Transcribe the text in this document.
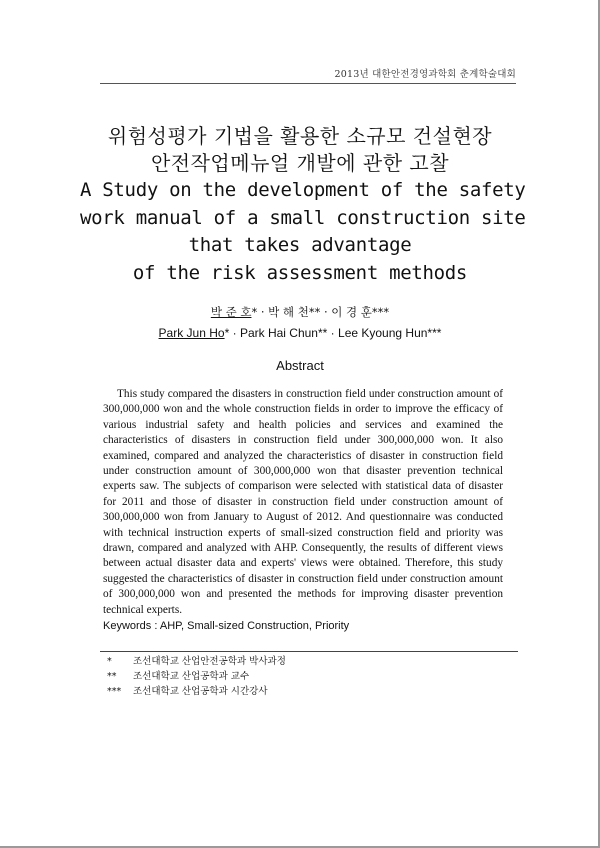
2013년 대한안전경영과학회 춘계학술대회
위험성평가 기법을 활용한 소규모 건설현장
안전작업메뉴얼 개발에 관한 고찰
A Study on the development of the safety
work manual of a small construction site
that takes advantage
of the risk assessment methods
박 준 호* · 박 해 천** · 이 경 훈***
Park Jun Ho* · Park Hai Chun** · Lee Kyoung Hun***
Abstract
This study compared the disasters in construction field under construction amount of 300,000,000 won and the whole construction fields in order to improve the efficacy of various industrial safety and health policies and services and examined the characteristics of disasters in construction field under 300,000,000 won. It also examined, compared and analyzed the characteristics of disaster in construction field under construction amount of 300,000,000 won that disaster prevention technical experts saw. The subjects of comparison were selected with statistical data of disaster for 2011 and those of disaster in construction field under construction amount of 300,000,000 won from January to August of 2012. And questionnaire was conducted with technical instruction experts of small-sized construction field and priority was drawn, compared and analyzed with AHP. Consequently, the results of different views between actual disaster data and experts' views were obtained. Therefore, this study suggested the characteristics of disaster in construction field under construction amount of 300,000,000 won and presented the methods for improving disaster prevention technical experts.
Keywords : AHP, Small-sized Construction, Priority
*	조선대학교 산업안전공학과 박사과정
**	조선대학교 산업공학과 교수
***	조선대학교 산업공학과 시간강사
